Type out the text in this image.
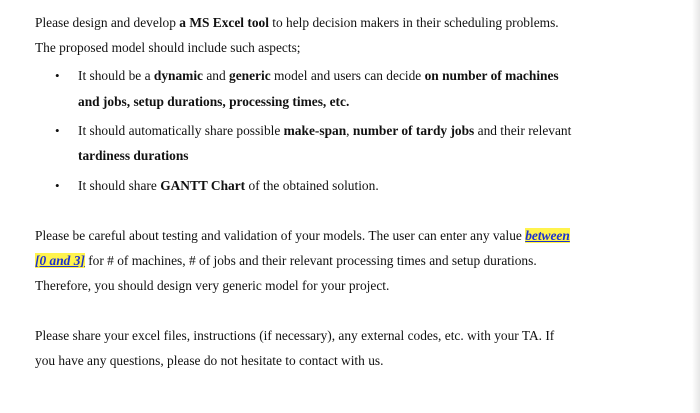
Please design and develop a MS Excel tool to help decision makers in their scheduling problems.
The proposed model should include such aspects;
• It should be a dynamic and generic model and users can decide on number of machines
and jobs, setup durations, processing times, etc.
• It should automatically share possible make-span, number of tardy jobs and their relevant
tardiness durations
• It should share GANTT Chart of the obtained solution.
Please be careful about testing and validation of your models. The user can enter any value between
[0 and 3] for # of machines, # of jobs and their relevant processing times and setup durations.
Therefore, you should design very generic model for your project.
Please share your excel files, instructions (if necessary), any external codes, etc. with your TA. If
you have any questions, please do not hesitate to contact with us.
